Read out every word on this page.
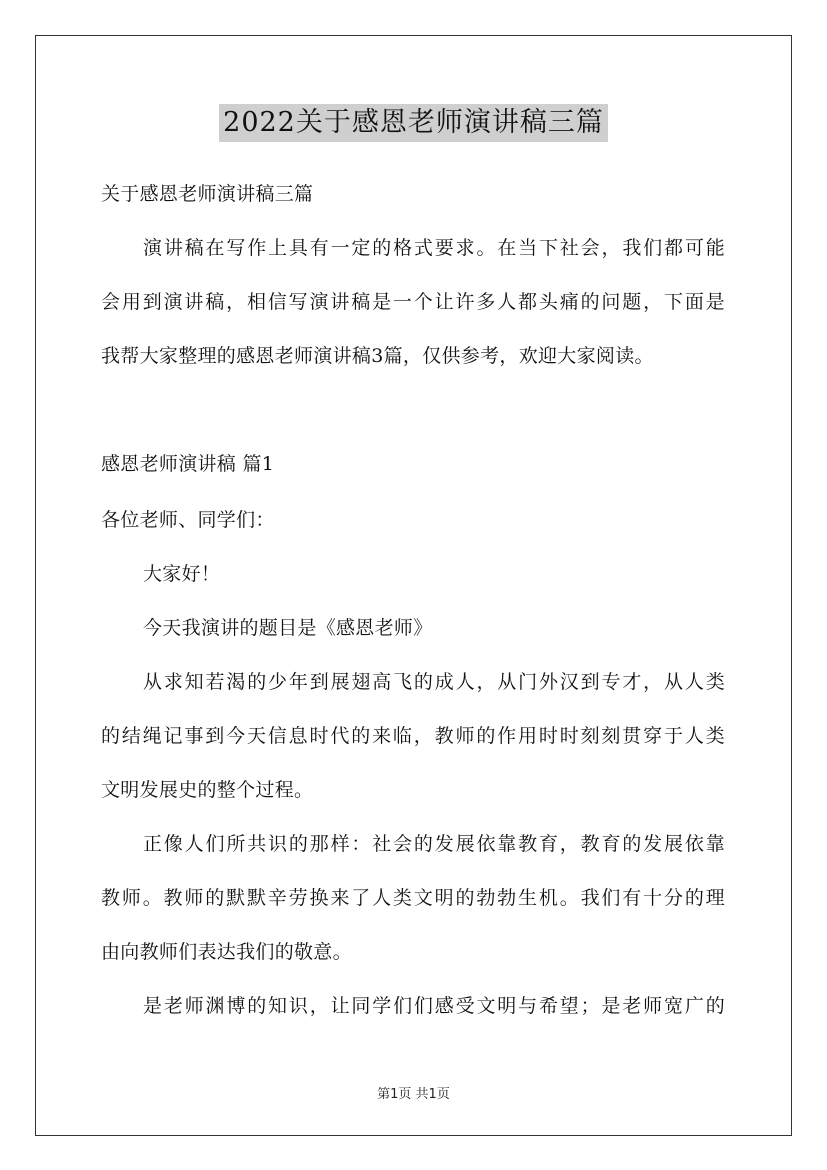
2022关于感恩老师演讲稿三篇
关于感恩老师演讲稿三篇
演讲稿在写作上具有一定的格式要求。在当下社会，我们都可能
会用到演讲稿，相信写演讲稿是一个让许多人都头痛的问题，下面是
我帮大家整理的感恩老师演讲稿3篇，仅供参考，欢迎大家阅读。
感恩老师演讲稿 篇1
各位老师、同学们：
大家好！
今天我演讲的题目是《感恩老师》
从求知若渴的少年到展翅高飞的成人，从门外汉到专才，从人类
的结绳记事到今天信息时代的来临，教师的作用时时刻刻贯穿于人类
文明发展史的整个过程。
正像人们所共识的那样：社会的发展依靠教育，教育的发展依靠
教师。教师的默默辛劳换来了人类文明的勃勃生机。我们有十分的理
由向教师们表达我们的敬意。
是老师渊博的知识，让同学们们感受文明与希望；是老师宽广的
第1页 共1页
